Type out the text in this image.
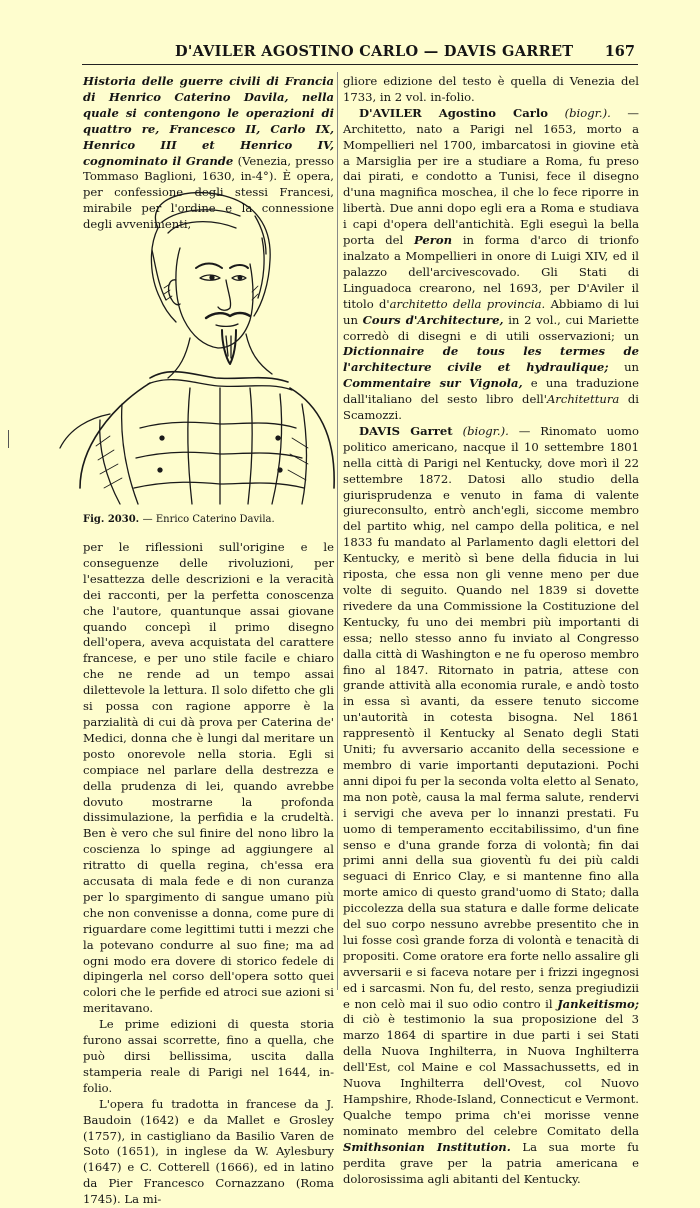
D'AVILER AGOSTINO CARLO — DAVIS GARRET 167

Historia delle guerre civili di Francia di Henrico Caterino Davila, nella quale si contengono le operazioni di quattro re, Francesco II, Carlo IX, Henrico III et Henrico IV, cognominato il Grande (Venezia, presso Tommaso Baglioni, 1630, in-4°). È opera, per confessione degli stessi Francesi, mirabile per l'ordine e la connessione degli avvenimenti,

Fig. 2030. — Enrico Caterino Davila.

per le riflessioni sull'origine e le conseguenze delle rivoluzioni, per l'esattezza delle descrizioni e la veracità dei racconti, per la perfetta conoscenza che l'autore, quantunque assai giovane quando concepì il primo disegno dell'opera, aveva acquistata del carattere francese, e per uno stile facile e chiaro che ne rende ad un tempo assai dilettevole la lettura. Il solo difetto che gli si possa con ragione apporre è la parzialità di cui dà prova per Caterina de' Medici, donna che è lungi dal meritare un posto onorevole nella storia. Egli si compiace nel parlare della destrezza e della prudenza di lei, quando avrebbe dovuto mostrarne la profonda dissimulazione, la perfidia e la crudeltà. Ben è vero che sul finire del nono libro la coscienza lo spinge ad aggiungere al ritratto di quella regina, ch'essa era accusata di mala fede e di non curanza per lo spargimento di sangue umano più che non convenisse a donna, come pure di riguardare come legittimi tutti i mezzi che la potevano condurre al suo fine; ma ad ogni modo era dovere di storico fedele di dipingerla nel corso dell'opera sotto quei colori che le perfide ed atroci sue azioni si meritavano.

Le prime edizioni di questa storia furono assai scorrette, fino a quella, che può dirsi bellissima, uscita dalla stamperia reale di Parigi nel 1644, in-folio.

L'opera fu tradotta in francese da J. Baudoin (1642) e da Mallet e Grosley (1757), in castigliano da Basilio Varen de Soto (1651), in inglese da W. Aylesbury (1647) e C. Cotterell (1666), ed in latino da Pier Francesco Cornazzano (Roma 1745). La mi-

gliore edizione del testo è quella di Venezia del 1733, in 2 vol. in-folio.

D'AVILER Agostino Carlo (biogr.). — Architetto, nato a Parigi nel 1653, morto a Mompellieri nel 1700, imbarcatosi in giovine età a Marsiglia per ire a studiare a Roma, fu preso dai pirati, e condotto a Tunisi, fece il disegno d'una magnifica moschea, il che lo fece riporre in libertà. Due anni dopo egli era a Roma e studiava i capi d'opera dell'antichità. Egli eseguì la bella porta del Peron in forma d'arco di trionfo inalzato a Mompellieri in onore di Luigi XIV, ed il palazzo dell'arcivescovado. Gli Stati di Linguadoca crearono, nel 1693, per D'Aviler il titolo d'architetto della provincia. Abbiamo di lui un Cours d'Architecture, in 2 vol., cui Mariette corredò di disegni e di utili osservazioni; un Dictionnaire de tous les termes de l'architecture civile et hydraulique; un Commentaire sur Vignola, e una traduzione dall'italiano del sesto libro dell'Architettura di Scamozzi.

DAVIS Garret (biogr.). — Rinomato uomo politico americano, nacque il 10 settembre 1801 nella città di Parigi nel Kentucky, dove morì il 22 settembre 1872. Datosi allo studio della giurisprudenza e venuto in fama di valente giureconsulto, entrò anch'egli, siccome membro del partito whig, nel campo della politica, e nel 1833 fu mandato al Parlamento dagli elettori del Kentucky, e meritò sì bene della fiducia in lui riposta, che essa non gli venne meno per due volte di seguito. Quando nel 1839 si dovette rivedere da una Commissione la Costituzione del Kentucky, fu uno dei membri più importanti di essa; nello stesso anno fu inviato al Congresso dalla città di Washington e ne fu operoso membro fino al 1847. Ritornato in patria, attese con grande attività alla economia rurale, e andò tosto in essa sì avanti, da essere tenuto siccome un'autorità in cotesta bisogna. Nel 1861 rappresentò il Kentucky al Senato degli Stati Uniti; fu avversario accanito della secessione e membro di varie importanti deputazioni. Pochi anni dipoi fu per la seconda volta eletto al Senato, ma non potè, causa la mal ferma salute, rendervi i servigi che aveva per lo innanzi prestati. Fu uomo di temperamento eccitabilissimo, d'un fine senso e d'una grande forza di volontà; fin dai primi anni della sua gioventù fu dei più caldi seguaci di Enrico Clay, e si mantenne fino alla morte amico di questo grand'uomo di Stato; dalla piccolezza della sua statura e dalle forme delicate del suo corpo nessuno avrebbe presentito che in lui fosse così grande forza di volontà e tenacità di propositi. Come oratore era forte nello assalire gli avversarii e si faceva notare per i frizzi ingegnosi ed i sarcasmi. Non fu, del resto, senza pregiudizii e non celò mai il suo odio contro il Jankeitismo; di ciò è testimonio la sua proposizione del 3 marzo 1864 di spartire in due parti i sei Stati della Nuova Inghilterra, in Nuova Inghilterra dell'Est, col Maine e col Massachussetts, ed in Nuova Inghilterra dell'Ovest, col Nuovo Hampshire, Rhode-Island, Connecticut e Vermont. Qualche tempo prima ch'ei morisse venne nominato membro del celebre Comitato della Smithsonian Institution. La sua morte fu perdita grave per la patria americana e dolorosissima agli abitanti del Kentucky.
